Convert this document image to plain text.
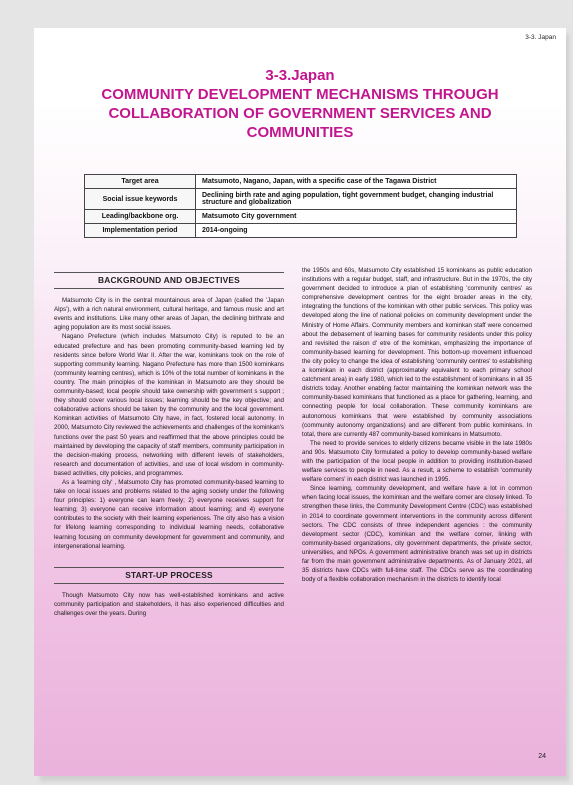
3-3. Japan
3-3.Japan
COMMUNITY DEVELOPMENT MECHANISMS THROUGH COLLABORATION OF GOVERNMENT SERVICES AND COMMUNITIES
Target area	Matsumoto, Nagano, Japan, with a specific case of the Tagawa District
Social issue keywords	Declining birth rate and aging population, tight government budget, changing industrial structure and globalization
Leading/backbone org.	Matsumoto City government
Implementation period	2014-ongoing
BACKGROUND AND OBJECTIVES

Matsumoto City is in the central mountainous area of Japan (called the 'Japan Alps'), with a rich natural environment, cultural heritage, and famous music and art events and institutions. Like many other areas of Japan, the declining birthrate and aging population are its most social issues.

Nagano Prefecture (which includes Matsumoto City) is reputed to be an educated prefecture and has been promoting community-based learning led by residents since before World War II. After the war, kominkans took on the role of supporting community learning. Nagano Prefecture has more than 1500 kominkans (community learning centres), which is 10% of the total number of kominkans in the country. The main principles of the kominkan in Matsumoto are they should be community-based; local people should take ownership with government s support ; they should cover various local issues; learning should be the key objective; and collaborative actions should be taken by the community and the local government. Kominkan activities of Matsumoto City have, in fact, fostered local autonomy. In 2000, Matsumoto City reviewed the achievements and challenges of the kominkan's functions over the past 50 years and reaffirmed that the above principles could be maintained by developing the capacity of staff members, community participation in the decision-making process, networking with different levels of stakeholders, research and documentation of activities, and use of local wisdom in community-based activities, city policies, and programmes.

As a 'learning city' , Matsumoto City has promoted community-based learning to take on local issues and problems related to the aging society under the following four principles: 1) everyone can learn freely; 2) everyone receives support for learning; 3) everyone can receive information about learning; and 4) everyone contributes to the society with their learning experiences. The city also has a vision for lifelong learning corresponding to individual learning needs, collaborative learning focusing on community development for government and community, and intergenerational learning.

START-UP PROCESS

Though Matsumoto City now has well-established kominkans and active community participation and stakeholders, it has also experienced difficulties and challenges over the years. During

the 1950s and 60s, Matsumoto City established 15 kominkans as public education institutions with a regular budget, staff, and infrastructure. But in the 1970s, the city government decided to introduce a plan of establishing 'community centres' as comprehensive development centres for the eight broader areas in the city, integrating the functions of the kominkan with other public services. This policy was developed along the line of national policies on community development under the Ministry of Home Affairs. Community members and kominkan staff were concerned about the debasement of learning bases for community residents under this policy and revisited the raison d' etre of the kominkan, emphasizing the importance of community-based learning for development. This bottom-up movement influenced the city policy to change the idea of establishing 'community centres' to establishing a kominkan in each district (approximately equivalent to each primary school catchment area) in early 1980, which led to the establishment of kominkans in all 35 districts today. Another enabling factor maintaining the kominkan network was the community-based kominkans that functioned as a place for gathering, learning, and connecting people for local collaboration. These community kominkans are autonomous kominkans that were established by community associations (community autonomy organizations) and are different from public kominkans. In total, there are currently 487 community-based kominkans in Matsumoto.

The need to provide services to elderly citizens became visible in the late 1980s and 90s. Matsumoto City formulated a policy to develop community-based welfare with the participation of the local people in addition to providing institution-based welfare services to people in need. As a result, a scheme to establish 'community welfare corners' in each district was launched in 1995.

Since learning, community development, and welfare have a lot in common when facing local issues, the kominkan and the welfare corner are closely linked. To strengthen these links, the Community Development Centre (CDC) was established in 2014 to coordinate government interventions in the community across different sectors. The CDC consists of three independent agencies : the community development sector (CDC), kominkan and the welfare corner, linking with community-based organizations, city government departments, the private sector, universities, and NPOs. A government administrative branch was set up in districts far from the main government administrative departments. As of January 2021, all 35 districts have CDCs with full-time staff. The CDCs serve as the coordinating body of a flexible collaboration mechanism in the districts to identify local

24
